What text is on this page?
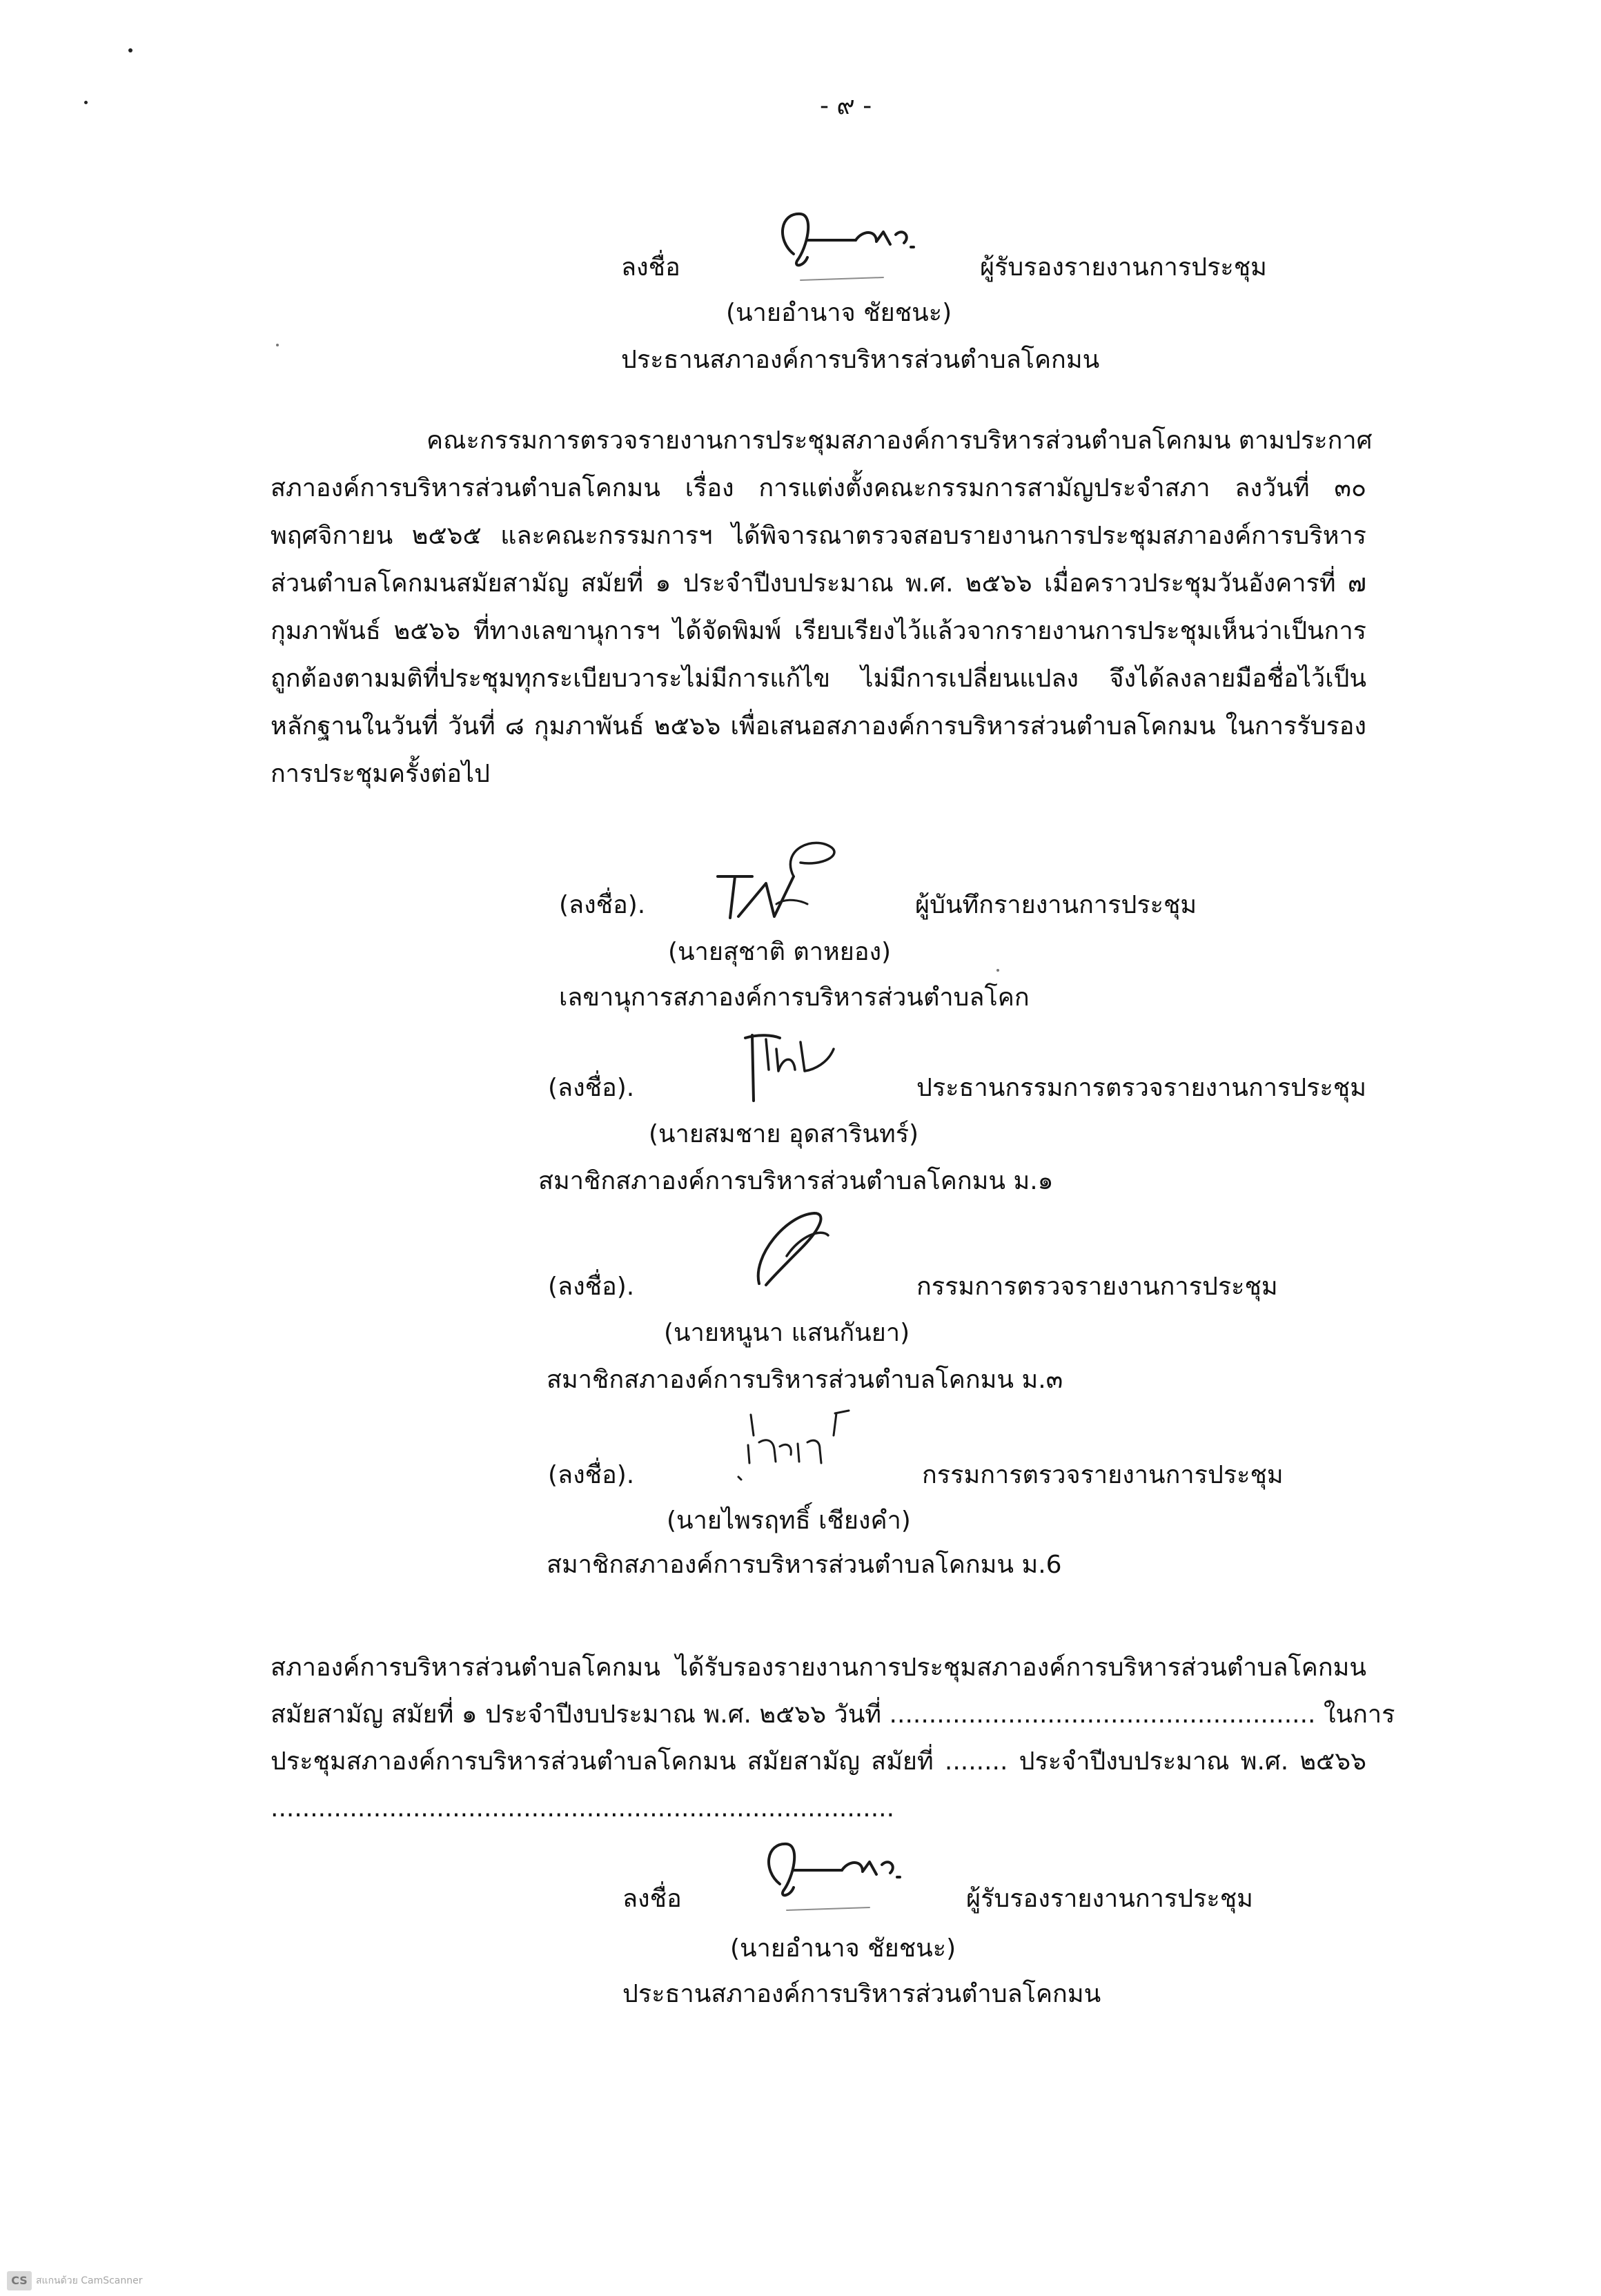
- ๙ -
ลงชื่อ	ผู้รับรองรายงานการประชุม
(นายอำนาจ ชัยชนะ)
ประธานสภาองค์การบริหารส่วนตำบลโคกมน
คณะกรรมการตรวจรายงานการประชุมสภาองค์การบริหารส่วนตำบลโคกมน ตามประกาศ
สภาองค์การบริหารส่วนตำบลโคกมน เรื่อง การแต่งตั้งคณะกรรมการสามัญประจำสภา ลงวันที่ ๓๐
พฤศจิกายน ๒๕๖๕ และคณะกรรมการฯ ได้พิจารณาตรวจสอบรายงานการประชุมสภาองค์การบริหาร
ส่วนตำบลโคกมนสมัยสามัญ สมัยที่ ๑ ประจำปีงบประมาณ พ.ศ. ๒๕๖๖ เมื่อคราวประชุมวันอังคารที่ ๗
กุมภาพันธ์ ๒๕๖๖ ที่ทางเลขานุการฯ ได้จัดพิมพ์ เรียบเรียงไว้แล้วจากรายงานการประชุมเห็นว่าเป็นการ
ถูกต้องตามมติที่ประชุมทุกระเบียบวาระไม่มีการแก้ไข ไม่มีการเปลี่ยนแปลง จึงได้ลงลายมือชื่อไว้เป็น
หลักฐานในวันที่ วันที่ ๘ กุมภาพันธ์ ๒๕๖๖ เพื่อเสนอสภาองค์การบริหารส่วนตำบลโคกมน ในการรับรอง
การประชุมครั้งต่อไป
(ลงชื่อ).	ผู้บันทึกรายงานการประชุม
(นายสุชาติ ตาหยอง)
เลขานุการสภาองค์การบริหารส่วนตำบลโคก
(ลงชื่อ).	ประธานกรรมการตรวจรายงานการประชุม
(นายสมชาย อุดสารินทร์)
สมาชิกสภาองค์การบริหารส่วนตำบลโคกมน ม.๑
(ลงชื่อ).	กรรมการตรวจรายงานการประชุม
(นายหนูนา แสนกันยา)
สมาชิกสภาองค์การบริหารส่วนตำบลโคกมน ม.๓
(ลงชื่อ).	กรรมการตรวจรายงานการประชุม
(นายไพรฤทธิ์ เชียงคำ)
สมาชิกสภาองค์การบริหารส่วนตำบลโคกมน ม.6
สภาองค์การบริหารส่วนตำบลโคกมน ได้รับรองรายงานการประชุมสภาองค์การบริหารส่วนตำบลโคกมน
สมัยสามัญ สมัยที่ ๑ ประจำปีงบประมาณ พ.ศ. ๒๕๖๖ วันที่ ...................................................... ในการ
ประชุมสภาองค์การบริหารส่วนตำบลโคกมน สมัยสามัญ สมัยที่ ........ ประจำปีงบประมาณ พ.ศ. ๒๕๖๖
...............................................................................
ลงชื่อ	ผู้รับรองรายงานการประชุม
(นายอำนาจ ชัยชนะ)
ประธานสภาองค์การบริหารส่วนตำบลโคกมน
CS สแกนด้วย CamScanner
